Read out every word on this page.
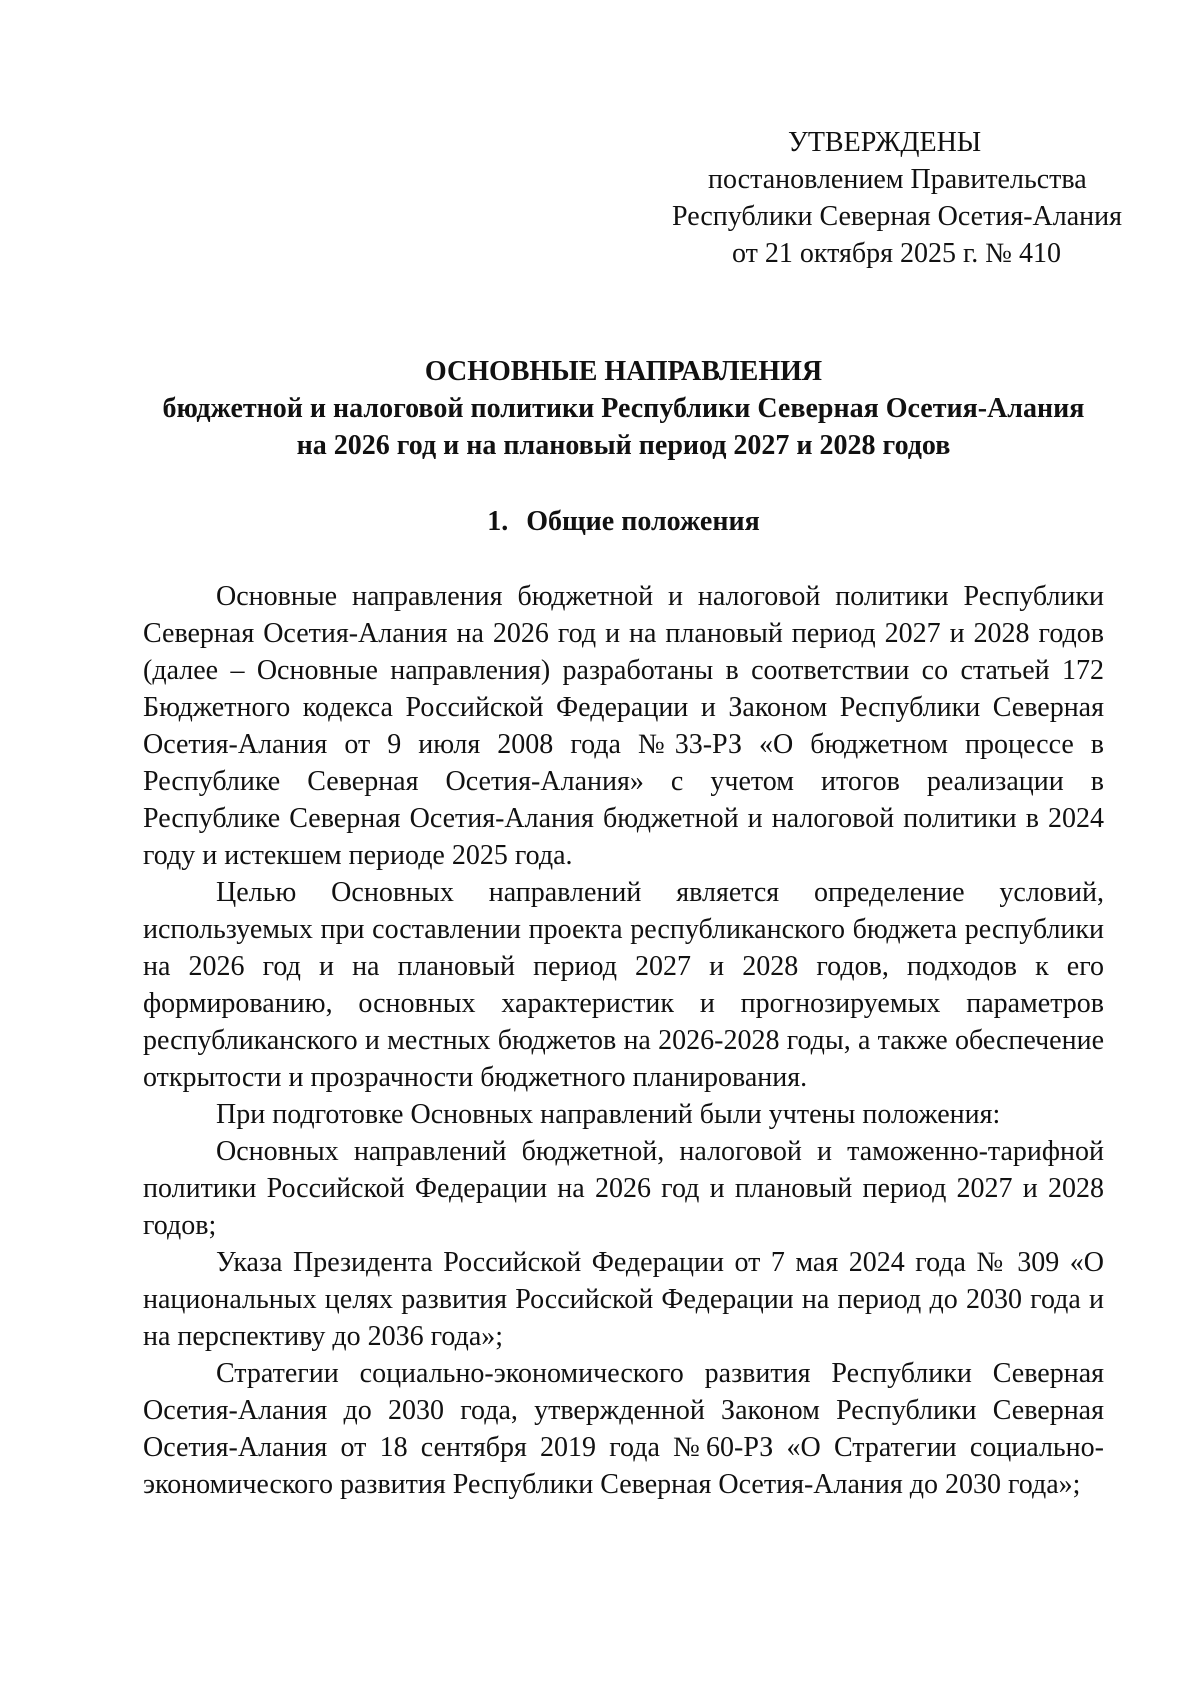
УТВЕРЖДЕНЫ
постановлением Правительства
Республики Северная Осетия-Алания
от 21 октября 2025 г. № 410
ОСНОВНЫЕ НАПРАВЛЕНИЯ
бюджетной и налоговой политики Республики Северная Осетия-Алания
на 2026 год и на плановый период 2027 и 2028 годов
1. Общие положения

Основные направления бюджетной и налоговой политики Республики Северная Осетия-Алания на 2026 год и на плановый период 2027 и 2028 годов (далее – Основные направления) разработаны в соответствии со статьей 172 Бюджетного кодекса Российской Федерации и Законом Республики Северная Осетия-Алания от 9 июля 2008 года №33-РЗ «О бюджетном процессе в Республике Северная Осетия-Алания» с учетом итогов реализации в Республике Северная Осетия-Алания бюджетной и налоговой политики в 2024 году и истекшем периоде 2025 года.

Целью Основных направлений является определение условий, используемых при составлении проекта республиканского бюджета республики на 2026 год и на плановый период 2027 и 2028 годов, подходов к его формированию, основных характеристик и прогнозируемых параметров республиканского и местных бюджетов на 2026-2028 годы, а также обеспечение открытости и прозрачности бюджетного планирования.

При подготовке Основных направлений были учтены положения:

Основных направлений бюджетной, налоговой и таможенно-тарифной политики Российской Федерации на 2026 год и плановый период 2027 и 2028 годов;

Указа Президента Российской Федерации от 7 мая 2024 года № 309 «О национальных целях развития Российской Федерации на период до 2030 года и на перспективу до 2036 года»;

Стратегии социально-экономического развития Республики Северная Осетия-Алания до 2030 года, утвержденной Законом Республики Северная Осетия-Алания от 18 сентября 2019 года №60-РЗ «О Стратегии социально-экономического развития Республики Северная Осетия-Алания до 2030 года»;
